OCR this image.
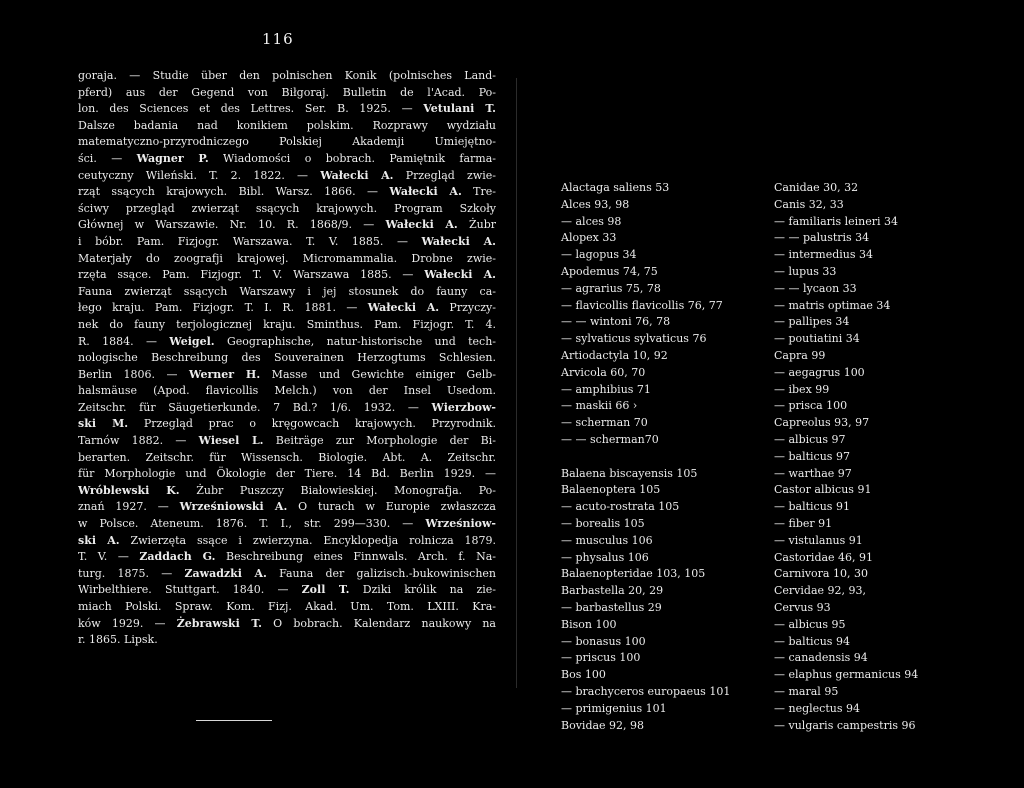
116
goraja. — Studie über den polnischen Konik (polnisches Land-
pferd) aus der Gegend von Biłgoraj. Bulletin de l'Acad. Po-
lon. des Sciences et des Lettres. Ser. B. 1925. — Vetulani T.
Dalsze badania nad konikiem polskim. Rozprawy wydziału
matematyczno-przyrodniczego Polskiej Akademji Umiejętno-
ści. — Wagner P. Wiadomości o bobrach. Pamiętnik farma-
ceutyczny Wileński. T. 2. 1822. — Wałecki A. Przegląd zwie-
rząt ssących krajowych. Bibl. Warsz. 1866. — Wałecki A. Tre-
ściwy przegląd zwierząt ssących krajowych. Program Szkoły
Głównej w Warszawie. Nr. 10. R. 1868/9. — Wałecki A. Żubr
i bóbr. Pam. Fizjogr. Warszawa. T. V. 1885. — Wałecki A.
Materjały do zoografji krajowej. Micromammalia. Drobne zwie-
rzęta ssące. Pam. Fizjogr. T. V. Warszawa 1885. — Wałecki A.
Fauna zwierząt ssących Warszawy i jej stosunek do fauny ca-
łego kraju. Pam. Fizjogr. T. I. R. 1881. — Wałecki A. Przyczy-
nek do fauny terjologicznej kraju. Sminthus. Pam. Fizjogr. T. 4.
R. 1884. — Weigel. Geographische, natur-historische und tech-
nologische Beschreibung des Souverainen Herzogtums Schlesien.
Berlin 1806. — Werner H. Masse und Gewichte einiger Gelb-
halsmäuse (Apod. flavicollis Melch.) von der Insel Usedom.
Zeitschr. für Säugetierkunde. 7 Bd.? 1/6. 1932. — Wierzbow-
ski M. Przegląd prac o kręgowcach krajowych. Przyrodnik.
Tarnów 1882. — Wiesel L. Beiträge zur Morphologie der Bi-
berarten. Zeitschr. für Wissensch. Biologie. Abt. A. Zeitschr.
für Morphologie und Ökologie der Tiere. 14 Bd. Berlin 1929. —
Wróblewski K. Żubr Puszczy Białowieskiej. Monografja. Po-
znań 1927. — Wrześniowski A. O turach w Europie zwłaszcza
w Polsce. Ateneum. 1876. T. I., str. 299—330. — Wrześniow-
ski A. Zwierzęta ssące i zwierzyna. Encyklopedja rolnicza 1879.
T. V. — Zaddach G. Beschreibung eines Finnwals. Arch. f. Na-
turg. 1875. — Zawadzki A. Fauna der galizisch.-bukowinischen
Wirbelthiere. Stuttgart. 1840. — Zoll T. Dziki królik na zie-
miach Polski. Spraw. Kom. Fizj. Akad. Um. Tom. LXIII. Kra-
ków 1929. — Żebrawski T. O bobrach. Kalendarz naukowy na
r. 1865. Lipsk.
Alactaga saliens 53
Alces 93, 98
— alces 98
Alopex 33
— lagopus 34
Apodemus 74, 75
— agrarius 75, 78
— flavicollis flavicollis 76, 77
— — wintoni 76, 78
— sylvaticus sylvaticus 76
Artiodactyla 10, 92
Arvicola 60, 70
— amphibius 71
— maskii 66 ›
— scherman 70
— — scherman70
Balaena biscayensis 105
Balaenoptera 105
— acuto-rostrata 105
— borealis 105
— musculus 106
— physalus 106
Balaenopteridae 103, 105
Barbastella 20, 29
— barbastellus 29
Bison 100
— bonasus 100
— priscus 100
Bos 100
— brachyceros europaeus 101
— primigenius 101
Bovidae 92, 98
Canidae 30, 32
Canis 32, 33
— familiaris leineri 34
— — palustris 34
— intermedius 34
— lupus 33
— — lycaon 33
— matris optimae 34
— pallipes 34
— poutiatini 34
Capra 99
— aegagrus 100
— ibex 99
— prisca 100
Capreolus 93, 97
— albicus 97
— balticus 97
— warthae 97
Castor albicus 91
— balticus 91
— fiber 91
— vistulanus 91
Castoridae 46, 91
Carnivora 10, 30
Cervidae 92, 93,
Cervus 93
— albicus 95
— balticus 94
— canadensis 94
— elaphus germanicus 94
— maral 95
— neglectus 94
— vulgaris campestris 96
